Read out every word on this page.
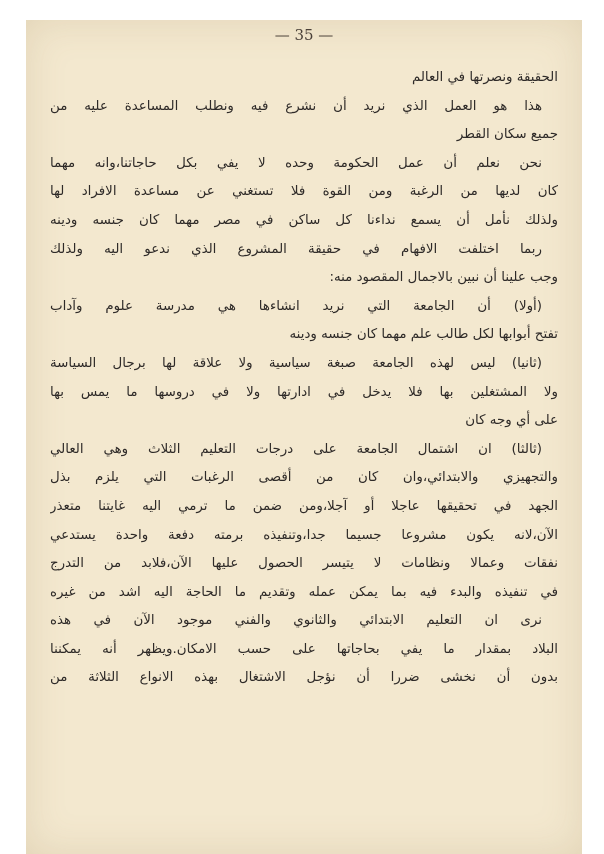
— 35 —
الحقيقة ونصرتها في العالم
هذا هو العمل الذي نريد أن نشرع فيه ونطلب المساعدة عليه من
جميع سكان القطر
نحن نعلم أن عمل الحكومة وحده لا يفي بكل حاجاتنا،وانه مهما
كان لديها من الرغبة ومن القوة فلا تستغني عن مساعدة الافراد لها
ولذلك نأمل أن يسمع نداءنا كل ساكن في مصر مهما كان جنسه ودينه
ربما اختلفت الافهام في حقيقة المشروع الذي ندعو اليه ولذلك
وجب علينا أن نبين بالاجمال المقصود منه:
(أولا) أن الجامعة التي نريد انشاءها هي مدرسة علوم وآداب
تفتح أبوابها لكل طالب علم مهما كان جنسه ودينه
(ثانيا) ليس لهذه الجامعة صبغة سياسية ولا علاقة لها برجال السياسة
ولا المشتغلين بها فلا يدخل في ادارتها ولا في دروسها ما يمس بها
على أي وجه كان
(ثالثا) ان اشتمال الجامعة على درجات التعليم الثلاث وهي العالي
والتجهيزي والابتدائي،وان كان من أقصى الرغبات التي يلزم بذل
الجهد في تحقيقها عاجلا أو آجلا،ومن ضمن ما ترمي اليه غايتنا متعذر
الآن،لانه يكون مشروعا جسيما جدا،وتنفيذه برمته دفعة واحدة يستدعي
نفقات وعمالا ونظامات لا يتيسر الحصول عليها الآن،فلابد من التدرج
في تنفيذه والبدء فيه بما يمكن عمله وتقديم ما الحاجة اليه اشد من غيره
نرى ان التعليم الابتدائي والثانوي والفني موجود الآن في هذه
البلاد بمقدار ما يفي بحاجاتها على حسب الامكان.ويظهر أنه يمكننا
بدون أن نخشى ضررا أن نؤجل الاشتغال بهذه الانواع الثلاثة من
